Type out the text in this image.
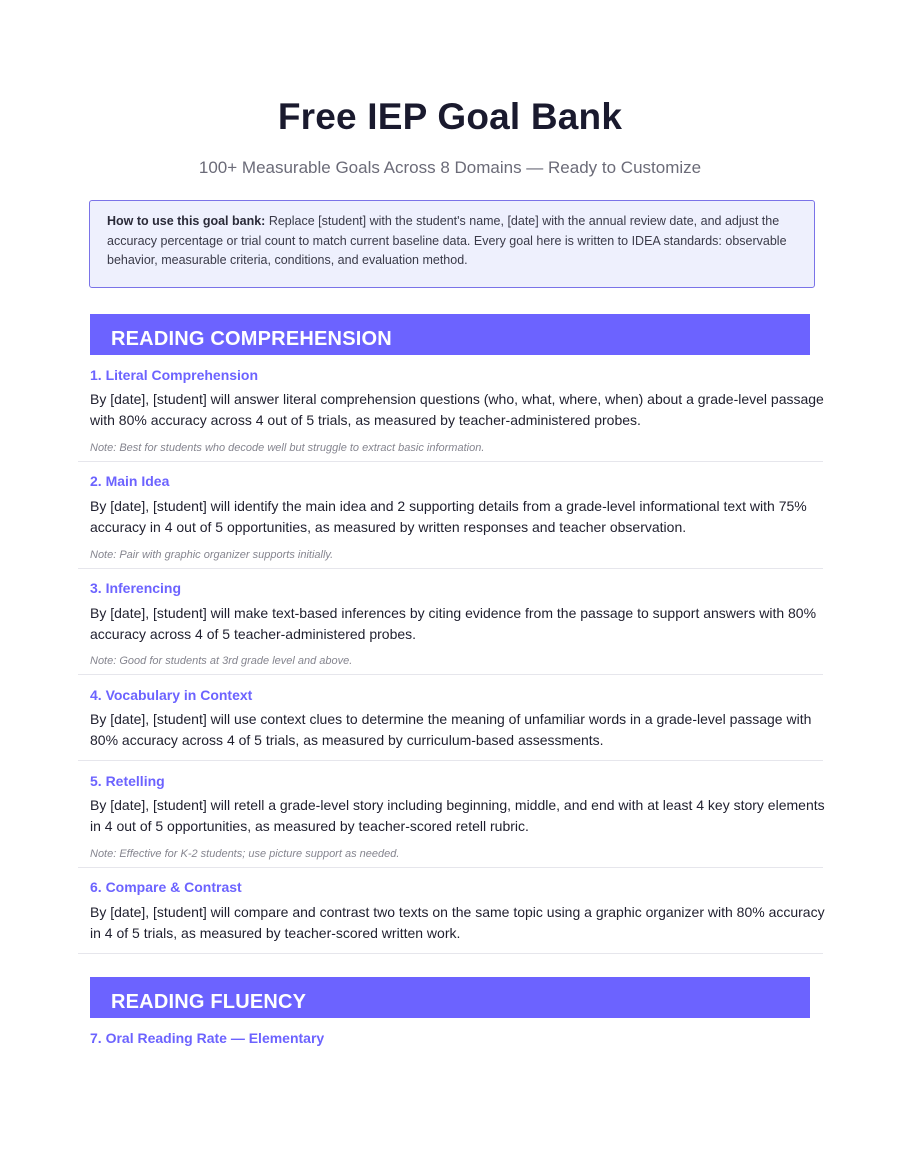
Free IEP Goal Bank

100+ Measurable Goals Across 8 Domains — Ready to Customize

How to use this goal bank: Replace [student] with the student's name, [date] with the annual review date, and adjust the accuracy percentage or trial count to match current baseline data. Every goal here is written to IDEA standards: observable behavior, measurable criteria, conditions, and evaluation method.
READING COMPREHENSION
1. Literal Comprehension
By [date], [student] will answer literal comprehension questions (who, what, where, when) about a grade-level passage with 80% accuracy across 4 out of 5 trials, as measured by teacher-administered probes.
Note: Best for students who decode well but struggle to extract basic information.
2. Main Idea
By [date], [student] will identify the main idea and 2 supporting details from a grade-level informational text with 75% accuracy in 4 out of 5 opportunities, as measured by written responses and teacher observation.
Note: Pair with graphic organizer supports initially.
3. Inferencing
By [date], [student] will make text-based inferences by citing evidence from the passage to support answers with 80% accuracy across 4 of 5 teacher-administered probes.
Note: Good for students at 3rd grade level and above.
4. Vocabulary in Context
By [date], [student] will use context clues to determine the meaning of unfamiliar words in a grade-level passage with 80% accuracy across 4 of 5 trials, as measured by curriculum-based assessments.
5. Retelling
By [date], [student] will retell a grade-level story including beginning, middle, and end with at least 4 key story elements in 4 out of 5 opportunities, as measured by teacher-scored retell rubric.
Note: Effective for K-2 students; use picture support as needed.
6. Compare & Contrast
By [date], [student] will compare and contrast two texts on the same topic using a graphic organizer with 80% accuracy in 4 of 5 trials, as measured by teacher-scored written work.
READING FLUENCY
7. Oral Reading Rate — Elementary
